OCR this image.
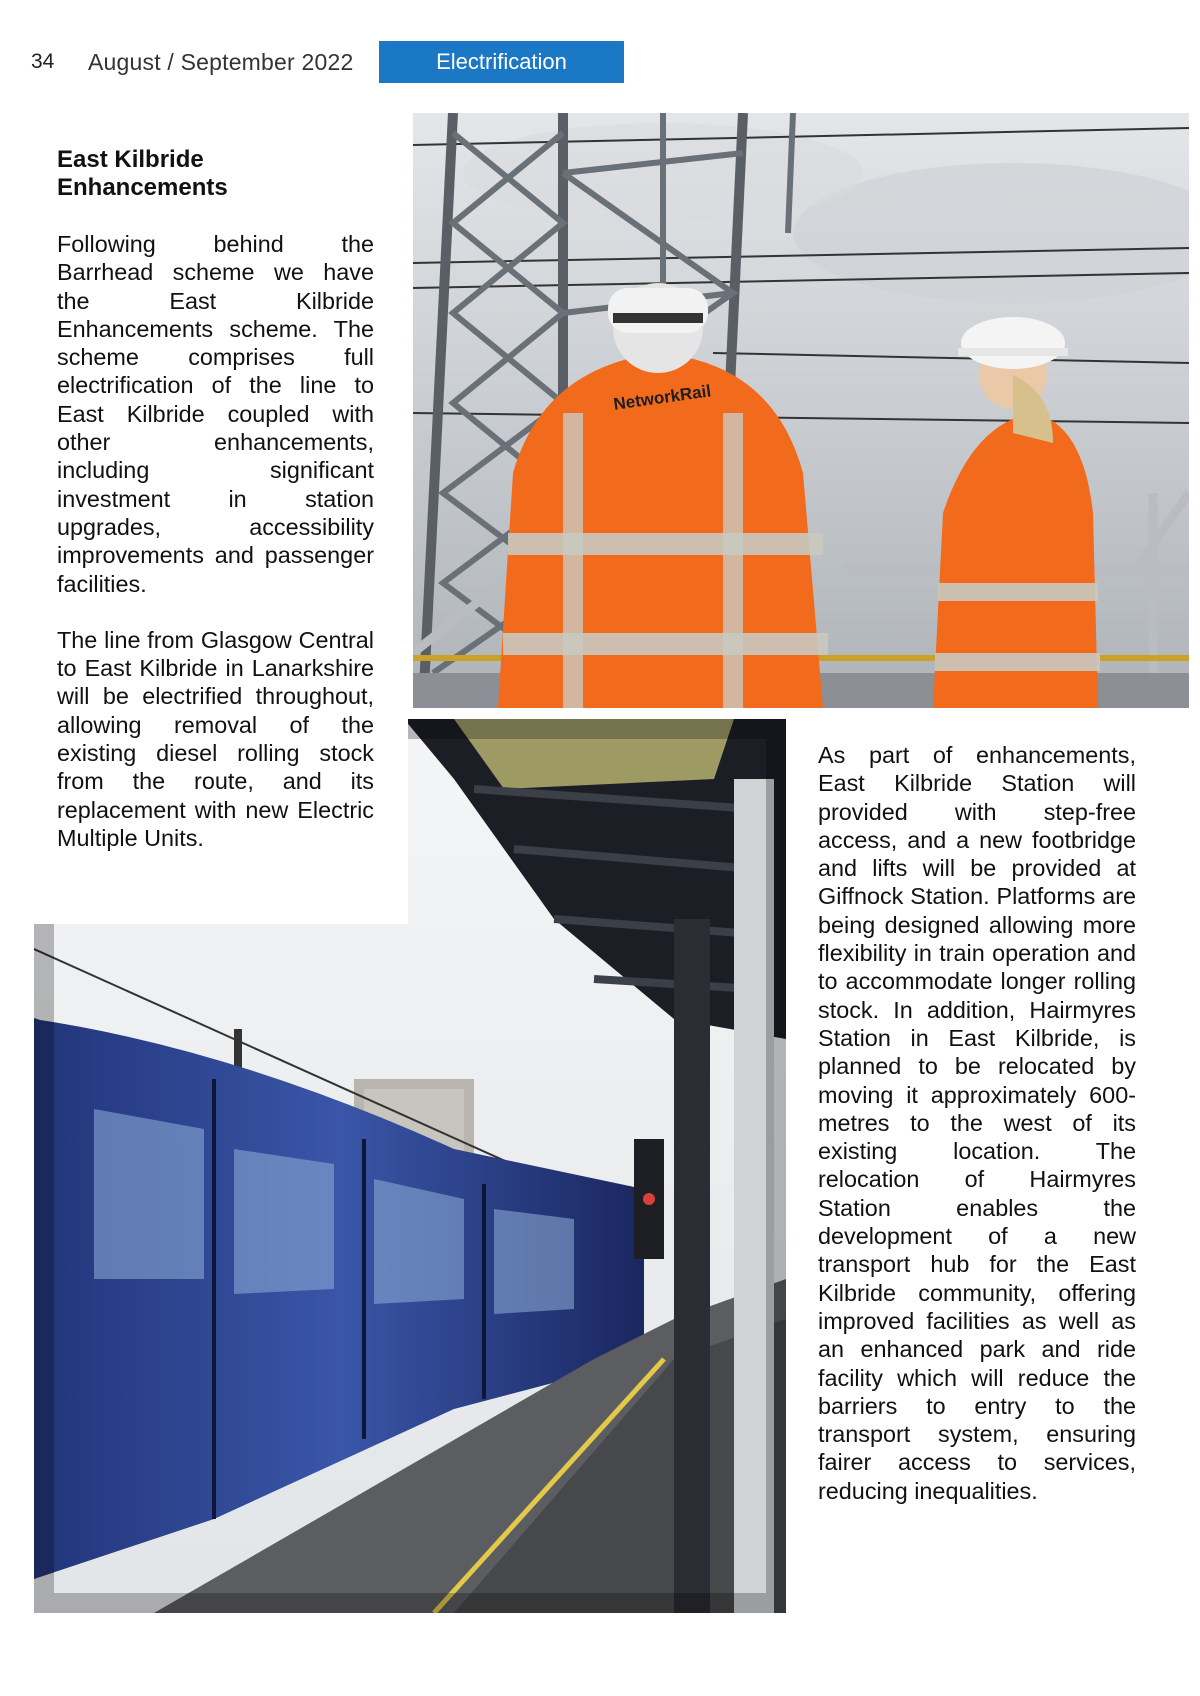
34 August / September 2022	Electrification
NetworkRail
East Kilbride Enhancements

Following behind the Barrhead scheme we have the East Kilbride Enhancements scheme. The scheme comprises full electrification of the line to East Kilbride coupled with other enhancements, including significant investment in station upgrades, accessibility improvements and passenger facilities.

The line from Glasgow Central to East Kilbride in Lanarkshire will be electrified throughout, allowing removal of the existing diesel rolling stock from the route, and its replacement with new Electric Multiple Units.

As part of enhancements, East Kilbride Station will provided with step-free access, and a new footbridge and lifts will be provided at Giffnock Station. Platforms are being designed allowing more flexibility in train operation and to accommodate longer rolling stock. In addition, Hairmyres Station in East Kilbride, is planned to be relocated by moving it approximately 600-metres to the west of its existing location. The relocation of Hairmyres Station enables the development of a new transport hub for the East Kilbride community, offering improved facilities as well as an enhanced park and ride facility which will reduce the barriers to entry to the transport system, ensuring fairer access to services, reducing inequalities.
